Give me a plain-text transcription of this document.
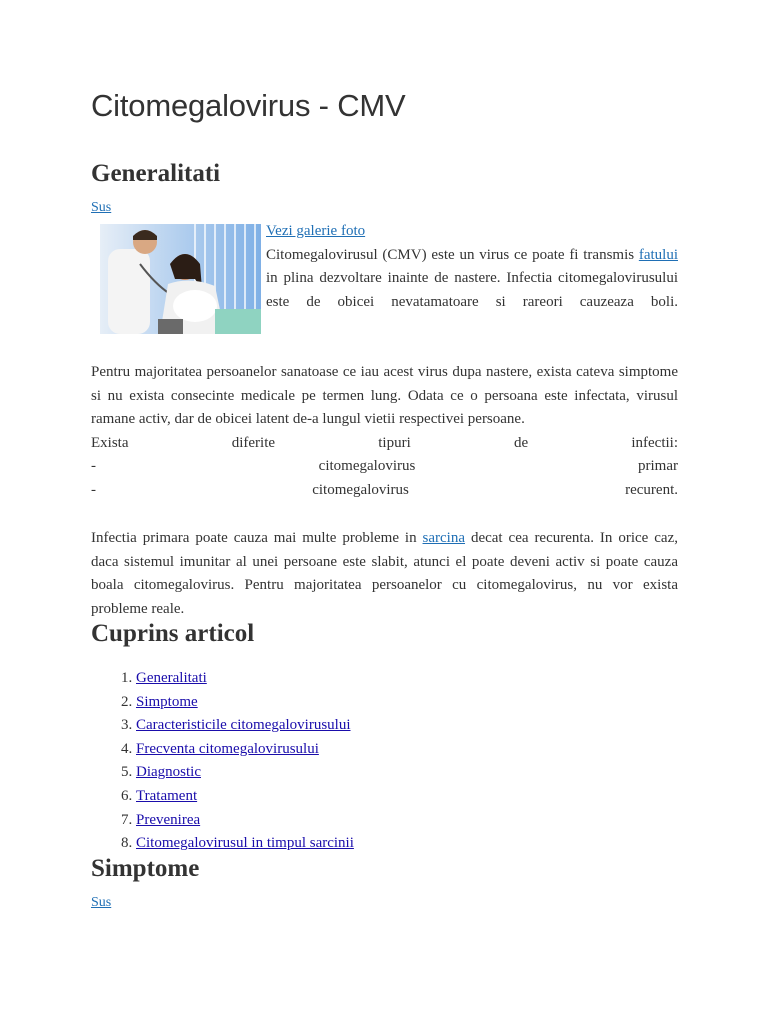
Citomegalovirus - CMV
Generalitati
Sus
Vezi galerie foto

Citomegalovirusul (CMV) este un virus ce poate fi transmis fatului in plina dezvoltare inainte de nastere. Infectia citomegalovirusului este de obicei nevatamatoare si rareori cauzeaza boli.

Pentru majoritatea persoanelor sanatoase ce iau acest virus dupa nastere, exista cateva simptome si nu exista consecinte medicale pe termen lung. Odata ce o persoana este infectata, virusul ramane activ, dar de obicei latent de-a lungul vietii respectivei persoane.

Exista diferite tipuri de infectii:

- citomegalovirus primar

- citomegalovirus recurent.

Infectia primara poate cauza mai multe probleme in sarcina decat cea recurenta. In orice caz, daca sistemul imunitar al unei persoane este slabit, atunci el poate deveni activ si poate cauza boala citomegalovirus. Pentru majoritatea persoanelor cu citomegalovirus, nu vor exista probleme reale.

Cuprins articol
1. Generalitati
2. Simptome
3. Caracteristicile citomegalovirusului
4. Frecventa citomegalovirusului
5. Diagnostic
6. Tratament
7. Prevenirea
8. Citomegalovirusul in timpul sarcinii
Simptome
Sus
